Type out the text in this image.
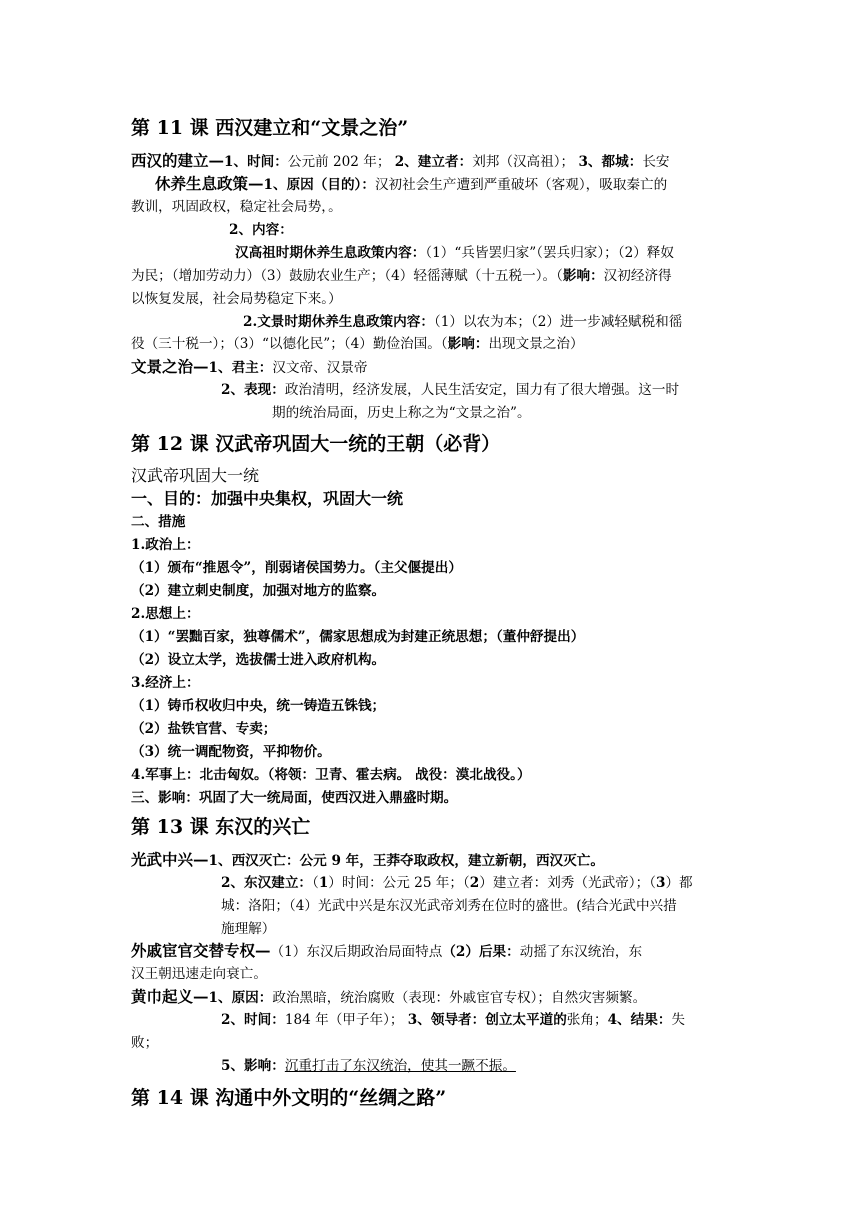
第 11 课 西汉建立和“文景之治”
西汉的建立—1、时间：公元前 202 年； 2、建立者：刘邦（汉高祖）； 3、都城：长安
休养生息政策—1、原因（目的）：汉初社会生产遭到严重破坏（客观），吸取秦亡的
教训，巩固政权，稳定社会局势，。
2、内容：
汉高祖时期休养生息政策内容：（1）“兵皆罢归家”（罢兵归家）；（2）释奴
为民；（增加劳动力）（3）鼓励农业生产；（4）轻徭薄赋（十五税一）。（影响：汉初经济得
以恢复发展，社会局势稳定下来。）
2.文景时期休养生息政策内容：（1）以农为本；（2）进一步减轻赋税和徭
役（三十税一）；（3）“以德化民”；（4）勤俭治国。（影响：出现文景之治）
文景之治—1、君主：汉文帝、汉景帝
2、表现：政治清明，经济发展，人民生活安定，国力有了很大增强。这一时
期的统治局面，历史上称之为“文景之治”。
第 12 课 汉武帝巩固大一统的王朝（必背）
汉武帝巩固大一统
一、目的：加强中央集权，巩固大一统
二、措施
1.政治上：
（1）颁布“推恩令”，削弱诸侯国势力。（主父偃提出）
（2）建立刺史制度，加强对地方的监察。
2.思想上：
（1）“罢黜百家，独尊儒术”，儒家思想成为封建正统思想；（董仲舒提出）
（2）设立太学，选拔儒士进入政府机构。
3.经济上：
（1）铸币权收归中央，统一铸造五铢钱；
（2）盐铁官营、专卖；
（3）统一调配物资，平抑物价。
4.军事上：北击匈奴。（将领：卫青、霍去病。 战役：漠北战役。）
三、影响：巩固了大一统局面，使西汉进入鼎盛时期。
第 13 课 东汉的兴亡
光武中兴—1、西汉灭亡：公元 9 年，王莽夺取政权，建立新朝，西汉灭亡。
2、东汉建立：（1）时间：公元 25 年；（2）建立者：刘秀（光武帝）；（3）都
城：洛阳；（4）光武中兴是东汉光武帝刘秀在位时的盛世。(结合光武中兴措
施理解）
外戚宦官交替专权—（1）东汉后期政治局面特点（2）后果：动摇了东汉统治，东
汉王朝迅速走向衰亡。
黄巾起义—1、原因：政治黑暗，统治腐败（表现：外戚宦官专权）；自然灾害频繁。
2、时间：184 年（甲子年）； 3、领导者：创立太平道的张角；4、结果：失
败；
5、影响：沉重打击了东汉统治，使其一蹶不振。
第 14 课 沟通中外文明的“丝绸之路”
